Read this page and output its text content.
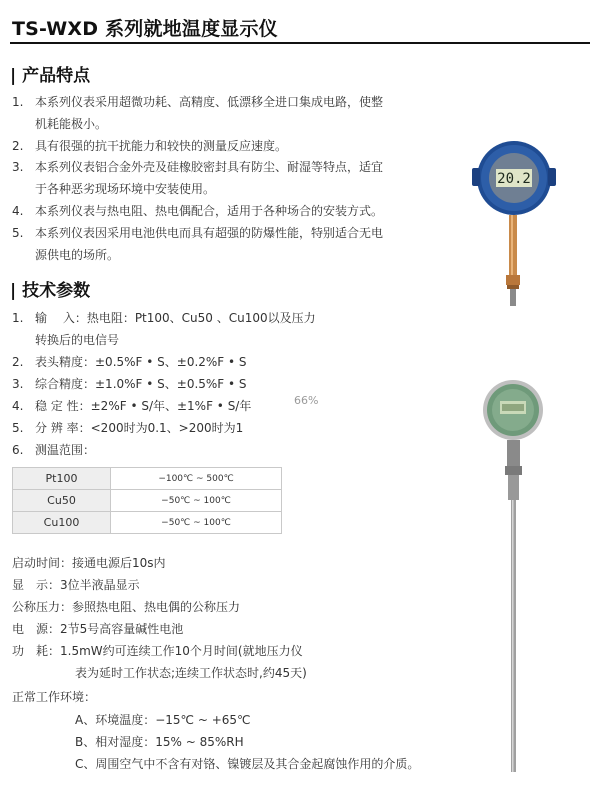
TS-WXD 系列就地温度显示仪
| 产品特点
1. 本系列仪表采用超微功耗、高精度、低漂移全进口集成电路，使整
机耗能极小。
2. 具有很强的抗干扰能力和较快的测量反应速度。
3. 本系列仪表铝合金外壳及硅橡胶密封具有防尘、耐湿等特点，适宜
于各种恶劣现场环境中安装使用。
4. 本系列仪表与热电阻、热电偶配合，适用于各种场合的安装方式。
5. 本系列仪表因采用电池供电而具有超强的防爆性能，特别适合无电
源供电的场所。
| 技术参数
1. 输　 入：热电阻：Pt100、Cu50 、Cu100以及压力
转换后的电信号
2. 表头精度：±0.5%F • S、±0.2%F • S
3. 综合精度：±1.0%F • S、±0.5%F • S
4. 稳 定 性：±2%F • S/年、±1%F • S/年
5. 分 辨 率：<200时为0.1、>200时为1
6. 测温范围：
Pt100	−100℃ ~ 500℃
Cu50	−50℃ ~ 100℃
Cu100	−50℃ ~ 100℃
启动时间：接通电源后10s内
显　示：3位半液晶显示
公称压力：参照热电阻、热电偶的公称压力
电　源：2节5号高容量碱性电池
功　耗：1.5mW约可连续工作10个月时间(就地压力仪
表为延时工作状态;连续工作状态时,约45天)
正常工作环境：
A、环境温度：−15℃ ~ +65℃
B、相对湿度：15% ~ 85%RH
C、周围空气中不含有对铬、镍镀层及其合金起腐蚀作用的介质。
66%
20.2
